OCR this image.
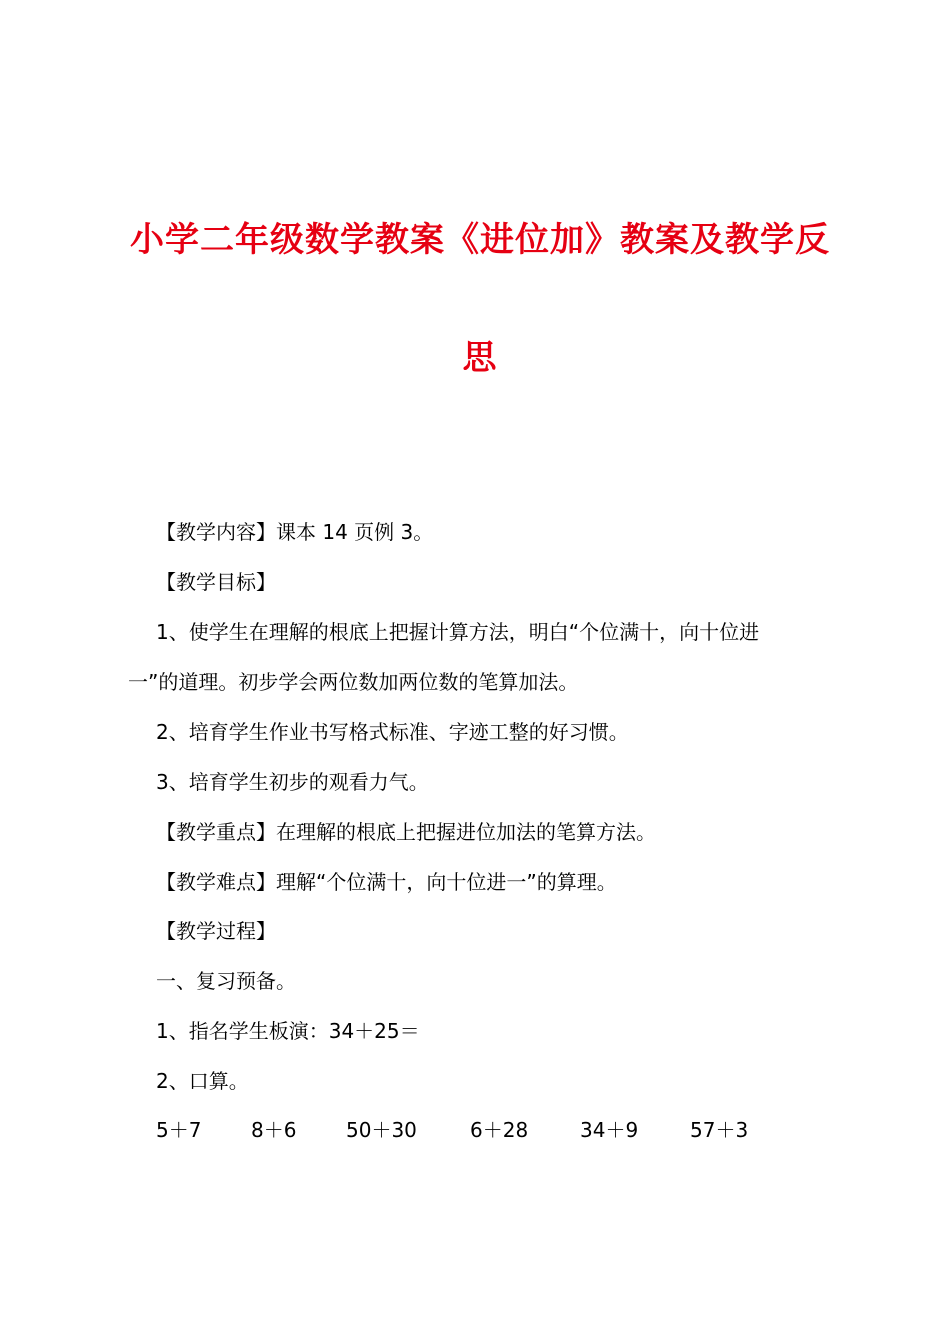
小学二年级数学教案《进位加》教案及教学反
思
【教学内容】课本 14 页例 3。
【教学目标】
1、使学生在理解的根底上把握计算方法，明白“个位满十，向十位进
一”的道理。初步学会两位数加两位数的笔算加法。
2、培育学生作业书写格式标准、字迹工整的好习惯。
3、培育学生初步的观看力气。
【教学重点】在理解的根底上把握进位加法的笔算方法。
【教学难点】理解“个位满十，向十位进一”的算理。
【教学过程】
一、复习预备。
1、指名学生板演：34＋25＝
2、口算。
5＋7 8＋6 50＋30	6＋28	34＋9	57＋3
